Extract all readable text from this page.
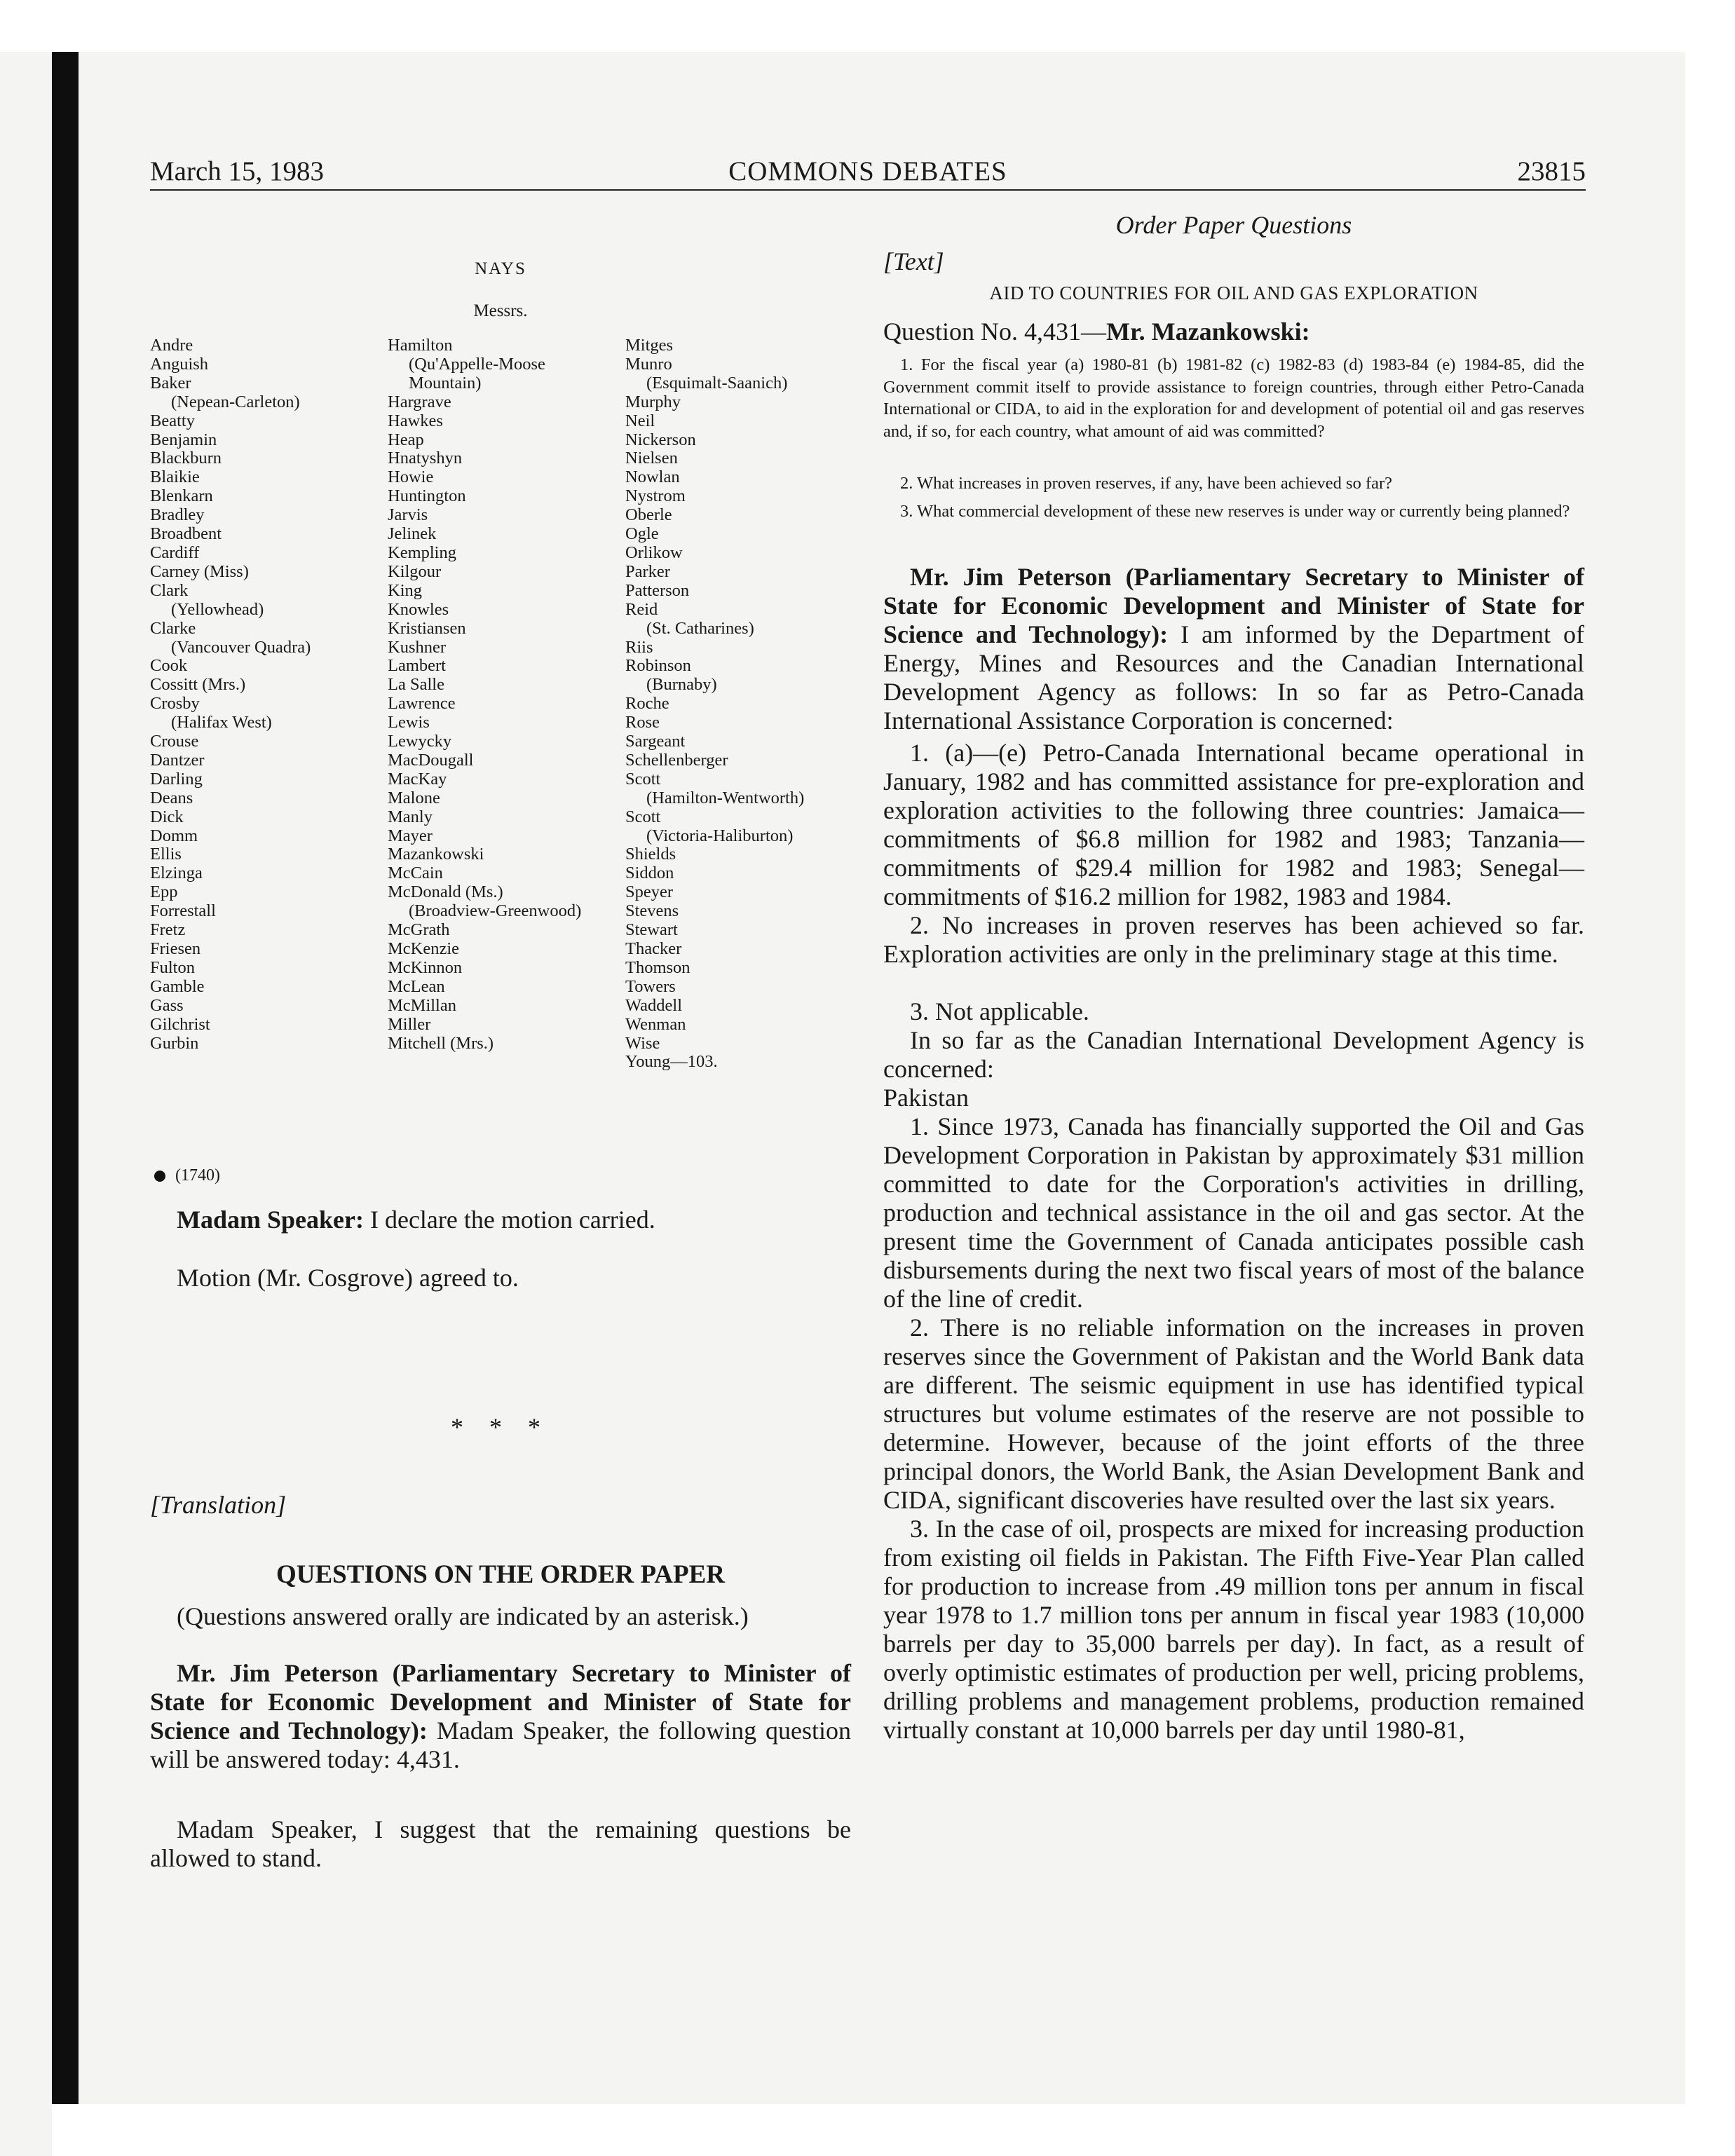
March 15, 1983	COMMONS DEBATES	23815
NAYS
Messrs.
Andre
Anguish
Baker
(Nepean-Carleton)
Beatty
Benjamin
Blackburn
Blaikie
Blenkarn
Bradley
Broadbent
Cardiff
Carney (Miss)
Clark
(Yellowhead)
Clarke
(Vancouver Quadra)
Cook
Cossitt (Mrs.)
Crosby
(Halifax West)
Crouse
Dantzer
Darling
Deans
Dick
Domm
Ellis
Elzinga
Epp
Forrestall
Fretz
Friesen
Fulton
Gamble
Gass
Gilchrist
Gurbin
Hamilton
(Qu'Appelle-Moose
Mountain)
Hargrave
Hawkes
Heap
Hnatyshyn
Howie
Huntington
Jarvis
Jelinek
Kempling
Kilgour
King
Knowles
Kristiansen
Kushner
Lambert
La Salle
Lawrence
Lewis
Lewycky
MacDougall
MacKay
Malone
Manly
Mayer
Mazankowski
McCain
McDonald (Ms.)
(Broadview-Greenwood)
McGrath
McKenzie
McKinnon
McLean
McMillan
Miller
Mitchell (Mrs.)
Mitges
Munro
(Esquimalt-Saanich)
Murphy
Neil
Nickerson
Nielsen
Nowlan
Nystrom
Oberle
Ogle
Orlikow
Parker
Patterson
Reid
(St. Catharines)
Riis
Robinson
(Burnaby)
Roche
Rose
Sargeant
Schellenberger
Scott
(Hamilton-Wentworth)
Scott
(Victoria-Haliburton)
Shields
Siddon
Speyer
Stevens
Stewart
Thacker
Thomson
Towers
Waddell
Wenman
Wise
Young—103.
(1740)
Madam Speaker: I declare the motion carried.
Motion (Mr. Cosgrove) agreed to.
* * *
[Translation]
QUESTIONS ON THE ORDER PAPER
(Questions answered orally are indicated by an asterisk.)
Mr. Jim Peterson (Parliamentary Secretary to Minister of State for Economic Development and Minister of State for Science and Technology): Madam Speaker, the following question will be answered today: 4,431.
Madam Speaker, I suggest that the remaining questions be allowed to stand.
Order Paper Questions
[Text]
AID TO COUNTRIES FOR OIL AND GAS EXPLORATION
Question No. 4,431—Mr. Mazankowski:
1. For the fiscal year (a) 1980-81 (b) 1981-82 (c) 1982-83 (d) 1983-84 (e) 1984-85, did the Government commit itself to provide assistance to foreign countries, through either Petro-Canada International or CIDA, to aid in the exploration for and development of potential oil and gas reserves and, if so, for each country, what amount of aid was committed?
2. What increases in proven reserves, if any, have been achieved so far?
3. What commercial development of these new reserves is under way or currently being planned?
Mr. Jim Peterson (Parliamentary Secretary to Minister of State for Economic Development and Minister of State for Science and Technology): I am informed by the Department of Energy, Mines and Resources and the Canadian International Development Agency as follows: In so far as Petro-Canada International Assistance Corporation is concerned:
1. (a)—(e) Petro-Canada International became operational in January, 1982 and has committed assistance for pre-exploration and exploration activities to the following three countries: Jamaica—commitments of $6.8 million for 1982 and 1983; Tanzania—commitments of $29.4 million for 1982 and 1983; Senegal—commitments of $16.2 million for 1982, 1983 and 1984.
2. No increases in proven reserves has been achieved so far. Exploration activities are only in the preliminary stage at this time.
3. Not applicable.
In so far as the Canadian International Development Agency is concerned:
Pakistan
1. Since 1973, Canada has financially supported the Oil and Gas Development Corporation in Pakistan by approximately $31 million committed to date for the Corporation's activities in drilling, production and technical assistance in the oil and gas sector. At the present time the Government of Canada anticipates possible cash disbursements during the next two fiscal years of most of the balance of the line of credit.
2. There is no reliable information on the increases in proven reserves since the Government of Pakistan and the World Bank data are different. The seismic equipment in use has identified typical structures but volume estimates of the reserve are not possible to determine. However, because of the joint efforts of the three principal donors, the World Bank, the Asian Development Bank and CIDA, significant discoveries have resulted over the last six years.
3. In the case of oil, prospects are mixed for increasing production from existing oil fields in Pakistan. The Fifth Five-Year Plan called for production to increase from .49 million tons per annum in fiscal year 1978 to 1.7 million tons per annum in fiscal year 1983 (10,000 barrels per day to 35,000 barrels per day). In fact, as a result of overly optimistic estimates of production per well, pricing problems, drilling problems and management problems, production remained virtually constant at 10,000 barrels per day until 1980-81,
